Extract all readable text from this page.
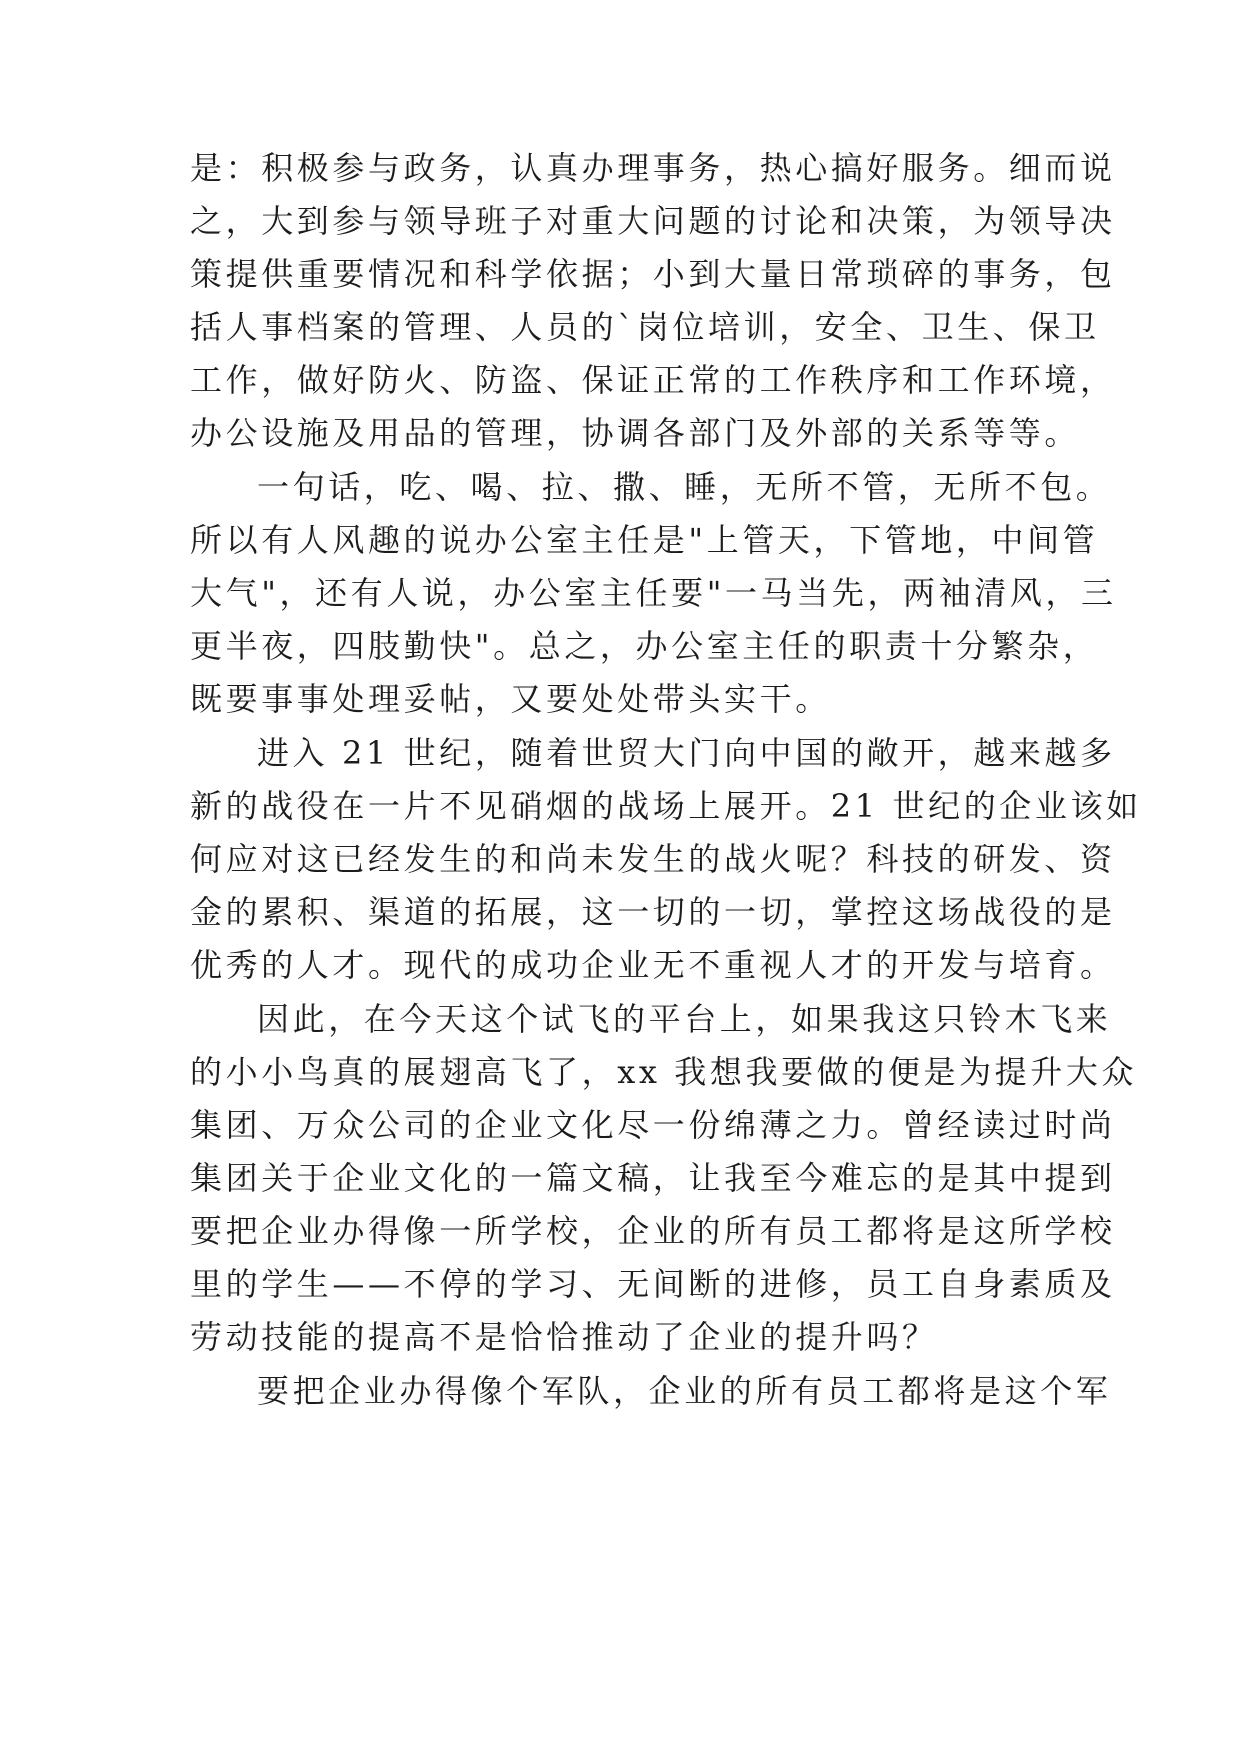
是：积极参与政务，认真办理事务，热心搞好服务。细而说
之，大到参与领导班子对重大问题的讨论和决策，为领导决
策提供重要情况和科学依据；小到大量日常琐碎的事务，包
括人事档案的管理、人员的`岗位培训，安全、卫生、保卫
工作，做好防火、防盗、保证正常的工作秩序和工作环境，
办公设施及用品的管理，协调各部门及外部的关系等等。
一句话，吃、喝、拉、撒、睡，无所不管，无所不包。
所以有人风趣的说办公室主任是"上管天，下管地，中间管
大气"，还有人说，办公室主任要"一马当先，两袖清风，三
更半夜，四肢勤快"。总之，办公室主任的职责十分繁杂，
既要事事处理妥帖，又要处处带头实干。
进入 21 世纪，随着世贸大门向中国的敞开，越来越多
新的战役在一片不见硝烟的战场上展开。21 世纪的企业该如
何应对这已经发生的和尚未发生的战火呢？科技的研发、资
金的累积、渠道的拓展，这一切的一切，掌控这场战役的是
优秀的人才。现代的成功企业无不重视人才的开发与培育。
因此，在今天这个试飞的平台上，如果我这只铃木飞来
的小小鸟真的展翅高飞了，xx 我想我要做的便是为提升大众
集团、万众公司的企业文化尽一份绵薄之力。曾经读过时尚
集团关于企业文化的一篇文稿，让我至今难忘的是其中提到
要把企业办得像一所学校，企业的所有员工都将是这所学校
里的学生——不停的学习、无间断的进修，员工自身素质及
劳动技能的提高不是恰恰推动了企业的提升吗？
要把企业办得像个军队，企业的所有员工都将是这个军
